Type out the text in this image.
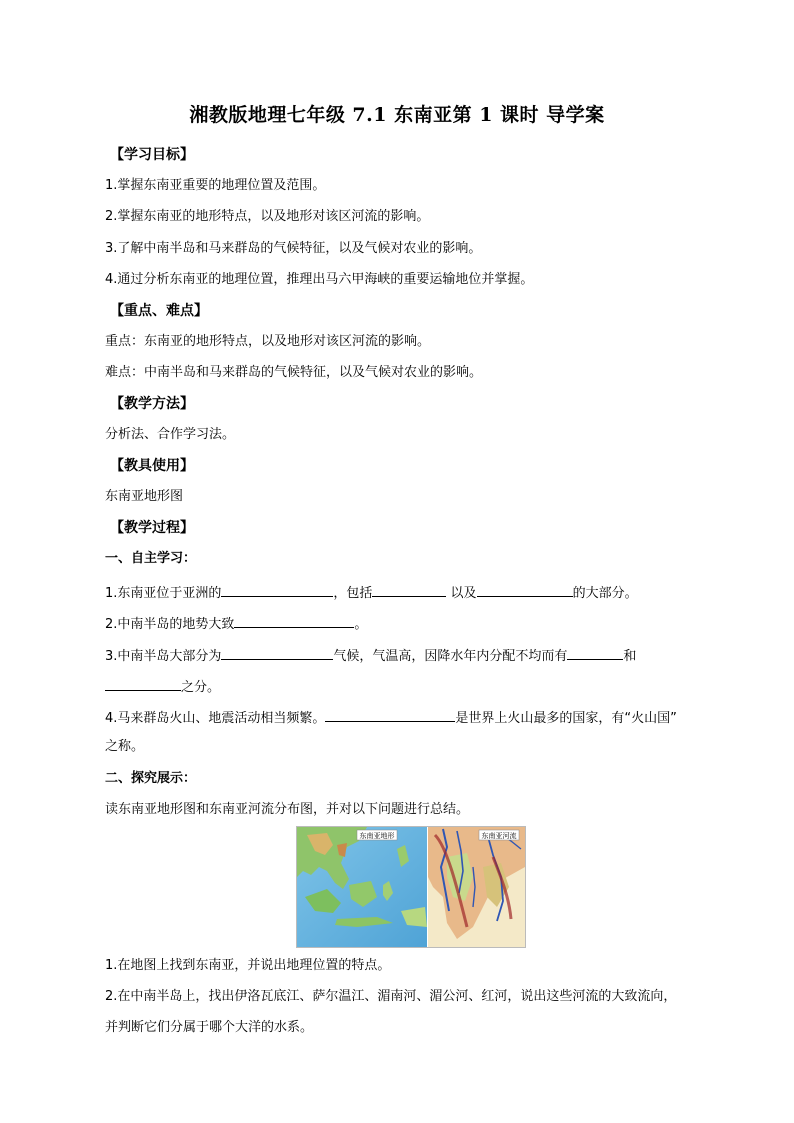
湘教版地理七年级 7.1 东南亚第 1 课时 导学案
【学习目标】
1.掌握东南亚重要的地理位置及范围。
2.掌握东南亚的地形特点，以及地形对该区河流的影响。
3.了解中南半岛和马来群岛的气候特征，以及气候对农业的影响。
4.通过分析东南亚的地理位置，推理出马六甲海峡的重要运输地位并掌握。
【重点、难点】
重点：东南亚的地形特点，以及地形对该区河流的影响。
难点：中南半岛和马来群岛的气候特征，以及气候对农业的影响。
【教学方法】
分析法、合作学习法。
【教具使用】
东南亚地形图
【教学过程】
一、自主学习：
1.东南亚位于亚洲的	，包括	以及	的大部分。
2.中南半岛的地势大致	。
3.中南半岛大部分为	气候，气温高，因降水年内分配不均而有	和
之分。
4.马来群岛火山、地震活动相当频繁。	是世界上火山最多的国家，有“火山国”
之称。
二、探究展示：
读东南亚地形图和东南亚河流分布图，并对以下问题进行总结。
东南亚地形	东南亚河流
1.在地图上找到东南亚，并说出地理位置的特点。
2.在中南半岛上，找出伊洛瓦底江、萨尔温江、湄南河、湄公河、红河，说出这些河流的大致流向，
并判断它们分属于哪个大洋的水系。
